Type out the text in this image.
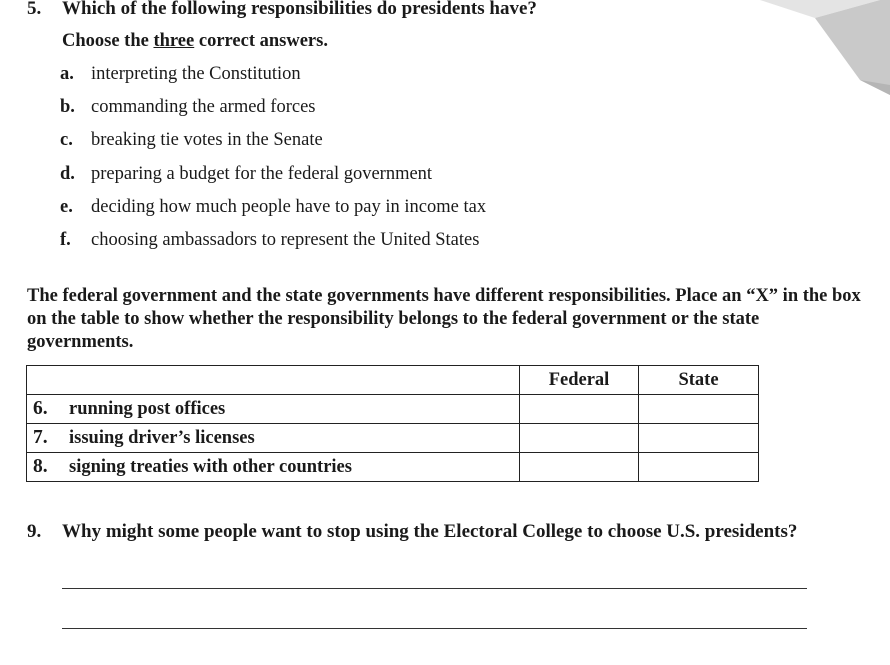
5. Which of the following responsibilities do presidents have?
Choose the three correct answers.
a. interpreting the Constitution
b. commanding the armed forces
c. breaking tie votes in the Senate
d. preparing a budget for the federal government
e. deciding how much people have to pay in income tax
f. choosing ambassadors to represent the United States
The federal government and the state governments have different responsibilities. Place an “X” in the box on the table to show whether the responsibility belongs to the federal government or the state governments.
	Federal	State
6. running post offices		
7. issuing driver’s licenses		
8. signing treaties with other countries		
9. Why might some people want to stop using the Electoral College to choose U.S. presidents?
